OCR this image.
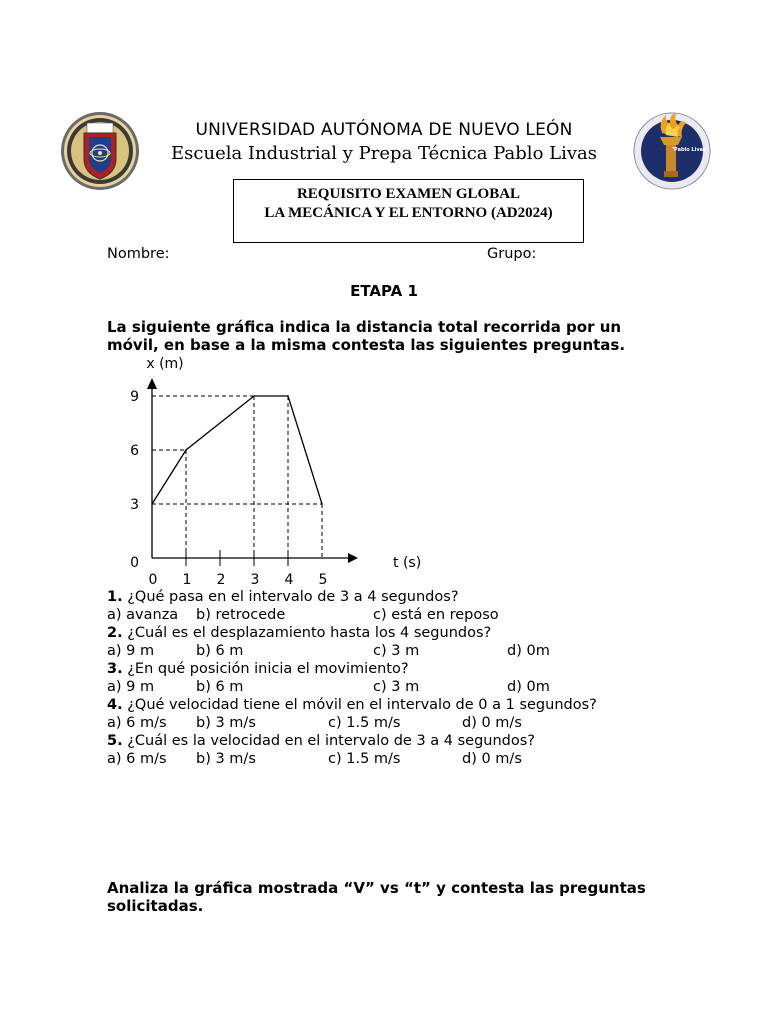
"Pablo Livas"
UNIVERSIDAD AUTÓNOMA DE NUEVO LEÓN
Escuela Industrial y Prepa Técnica Pablo Livas
REQUISITO EXAMEN GLOBAL
LA MECÁNICA Y EL ENTORNO (AD2024)
Nombre:	Grupo:
ETAPA 1
La siguiente gráfica indica la distancia total recorrida por un móvil, en base a la misma contesta las siguientes preguntas.
0 1 2 3 4 5
0
3
6
9
t (s)
x (m)
1. ¿Qué pasa en el intervalo de 3 a 4 segundos?
a) avanza b) retrocede	c) está en reposo
2. ¿Cuál es el desplazamiento hasta los 4 segundos?
a) 9 m	b) 6 m	c) 3 m	d) 0m
3. ¿En qué posición inicia el movimiento?
a) 9 m	b) 6 m	c) 3 m	d) 0m
4. ¿Qué velocidad tiene el móvil en el intervalo de 0 a 1 segundos?
a) 6 m/s b) 3 m/s	c) 1.5 m/s	d) 0 m/s
5. ¿Cuál es la velocidad en el intervalo de 3 a 4 segundos?
a) 6 m/s b) 3 m/s	c) 1.5 m/s	d) 0 m/s
Analiza la gráfica mostrada “V” vs “t” y contesta las preguntas solicitadas.
